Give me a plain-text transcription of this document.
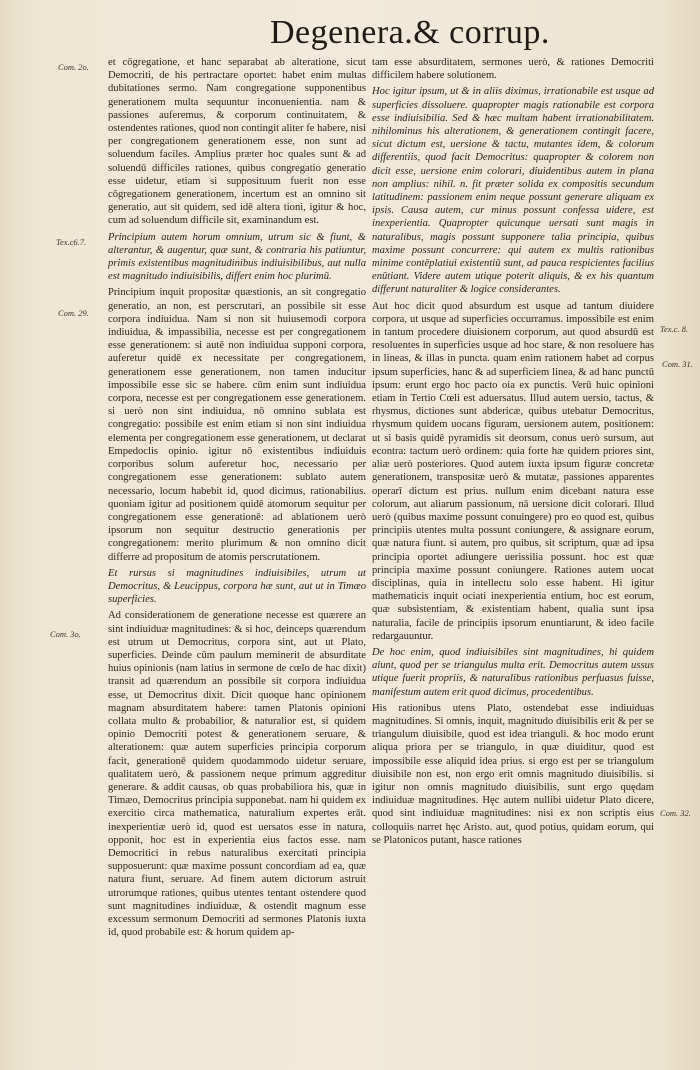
Degenera.& corrup.
Com. 2o.
Tex.c6.7.
Com. 29.
Com. 3o.
Com. 31.
Tex.c. 8.
Com. 32.

et cōgregatione, et hanc separabat ab alteratione, sicut Democriti, de his pertractare oportet: habet enim multas dubitationes sermo. Nam congregatione supponentibus generationem multa sequuntur inconuenientia. nam & passiones auferemus, & corporum continuitatem, & ostendentes rationes, quod non contingit aliter fe habere, nisi per congregationem generationem esse, non sunt ad soluendum faciles. Amplius præter hoc quales sunt & ad soluendū difficiles rationes, quibus congregatio generatio esse uidetur, etiam si supposituum fuerit non esse cōgregationem generationem, incertum est an omnino sit generatio, aut sit quidem, sed idē altera tioni, igitur & hoc, cum ad soluendum difficile sit, examinandum est.

Principium autem horum omnium, utrum sic & fiunt, & alterantur, & augentur, quæ sunt, & contraria his patiuntur, primis existentibus magnitudinibus indiuisibilibus, aut nulla est magnitudo indiuisibilis, differt enim hoc plurimū.

Principium inquit propositæ quæstionis, an sit congregatio generatio, an non, est perscrutari, an possibile sit esse corpora indiuidua. Nam si non sit huiusemodi corpora indiuidua, & impassibilia, necesse est per congregationem esse generationem: si autē non indiuidua supponi corpora, auferetur quidē ex necessitate per congregationem, generationem esse generationem, non tamen inducitur impossibile esse sic se habere. cūm enim sunt indiuidua corpora, necesse est per congregationem esse generationem. si uerò non sint indiuidua, nō omnino sublata est congregatio: possibile est enim etiam si non sint indiuidua elementa per congregationem esse generationem, ut declarat Empedoclis opinio. igitur nō existentibus indiuiduis corporibus solum auferetur hoc, necessario per congregationem esse generationem: sublato autem necessario, locum habebit id, quod dicimus, rationabilius. quoniam igitur ad positionem quidē atomorum sequitur per congregationem esse generationē: ad ablationem uerò ipsorum non sequitur destructio generationis per congregationem: merito plurimum & non omnino dicit differre ad propositum de atomis perscrutationem.

Et rursus si magnitudines indiuisibiles, utrum ut Democritus, & Leucippus, corpora hæ sunt, aut ut in Timæo superficies.

Ad considerationem de generatione necesse est quærere an sint indiuiduæ magnitudines: & si hoc, deinceps quærendum est utrum ut Democritus, corpora sint, aut ut Plato, superficies. Deinde cūm paulum meminerit de absurditate huius opinionis (nam latius in sermone de cœlo de hac dixit) transit ad quærendum an possibile sit corpora indiuidua esse, ut Democritus dixit. Dicit quoque hanc opinionem magnam absurditatem habere: tamen Platonis opinioni collata multo & probabilior, & naturalior est, si quidem opinio Democriti potest & generationem seruare, & alterationem: quæ autem superficies principia corporum facit, generationē quidem quodammodo uidetur seruare, qualitatem uerò, & passionem neque primum aggreditur generare. & addit causas, ob quas probabiliora his, quæ in Timæo, Democritus principia supponebat. nam hi quidem ex exercitio circa mathematica, naturalium expertes erāt. inexperientiæ uerò id, quod est uersatos esse in natura, opponit, hoc est in experientia eius factos esse. nam Democritici in rebus naturalibus exercitati principia supposuerunt: quæ maxime possunt concordiam ad ea, quæ natura fiunt, seruare. Ad finem autem dictorum astruit utrorumque rationes, quibus utentes tentant ostendere quod sunt magnitudines indiuiduæ, & ostendit magnum esse excessum sermonum Democriti ad sermones Platonis iuxta id, quod probabile est: & horum quidem ap-

tam esse absurditatem, sermones uerò, & rationes Democriti difficilem habere solutionem.

Hoc igitur ipsum, ut & in aliis diximus, irrationabile est usque ad superficies dissoluere. quapropter magis rationabile est corpora esse indiuisibilia. Sed & hæc multam habent irrationabilitatem. nihilominus his alterationem, & generationem contingit facere, sicut dictum est, uersione & tactu, mutantes idem, & colorum differentiis, quod facit Democritus: quapropter & colorem non dicit esse, uersione enim colorari, diuidentibus autem in plana non amplius: nihil. n. fit præter solida ex compositis secundum latitudinem: passionem enim neque possunt generare aliquam ex ipsis. Causa autem, cur minus possunt confessa uidere, est inexperientia. Quapropter quicunque uersati sunt magis in naturalibus, magis possunt supponere talia principia, quibus maxime possunt concurrere: qui autem ex multis rationibus minime contēplatiui existentiū sunt, ad pauca respicientes facilius enūtiant. Videre autem utique poterit aliquis, & ex his quantum differunt naturaliter & logice considerantes.

Aut hoc dicit quod absurdum est usque ad tantum diuidere corpora, ut usque ad superficies occurramus. impossibile est enim in tantum procedere diuisionem corporum, aut quod absurdū est resoluentes in superficies usque ad hoc stare, & non resoluere has in lineas, & illas in puncta. quam enim rationem habet ad corpus ipsum superficies, hanc & ad superficiem linea, & ad hanc punctū ipsum: erunt ergo hoc pacto oia ex punctis. Verū huic opinioni etiam in Tertio Cœli est aduersatus. Illud autem uersio, tactus, & rhysmus, dictiones sunt abdericæ, quibus utebatur Democritus, rhysmum quidem uocans figuram, uersionem autem, positionem: ut si basis quidē pyramidis sit deorsum, conus uerò sursum, aut econtra: tactum uerò ordinem: quia forte hæ quidem priores sint, aliæ uerò posteriores. Quod autem iuxta ipsum figuræ concretæ generationem, transpositæ uerò & mutatæ, passiones apparentes operarī dictum est prius. nullum enim dicebant natura esse colorum, aut aliarum passionum, nā uersione dicit colorari. Illud uerò (quibus maxime possunt conuingere) pro eo quod est, quibus principiis utentes multa possunt coniungere, & assignare eorum, quæ natura fiunt. si autem, pro quibus, sit scriptum, quæ ad ipsa principia oportet adiungere uerissilia possunt. hoc est quæ principia maxime possunt coniungere. Rationes autem uocat disciplinas, quia in intellectu solo esse habent. Hi igitur mathematicis inquit ociati inexperientia entium, hoc est eorum, quæ subsistentiam, & existentiam habent, qualia sunt ipsa naturalia, facile de principiis ipsorum enuntiarunt, & ideo facile redargauuntur.

De hoc enim, quod indiuisibiles sint magnitudines, hi quidem aiunt, quod per se triangulus multa erit. Democritus autem ussus utique fuerit propriis, & naturalibus rationibus perfuasus fuisse, manifestum autem erit quod dicimus, procedentibus.

His rationibus utens Plato, ostendebat esse indiuiduas magnitudines. Si omnis, inquit, magnitudo diuisibilis erit & per se triangulum diuisibile, quod est idea trianguli. & hoc modo erunt aliqua priora per se triangulo, in quæ diuiditur, quod est impossibile esse aliquid idea prius. si ergo est per se triangulum diuisibile non est, non ergo erit omnis magnitudo diuisibilis. si igitur non omnis magnitudo diuisibilis, sunt ergo quędam indiuiduæ magnitudines. Hęc autem nullibi uidetur Plato dicere, quod sint indiuiduæ magnitudines: nisi ex non scriptis eius colloquiis narret hęc Aristo. aut, quod potius, quidam eorum, qui se Platonicos putant, hasce rationes
